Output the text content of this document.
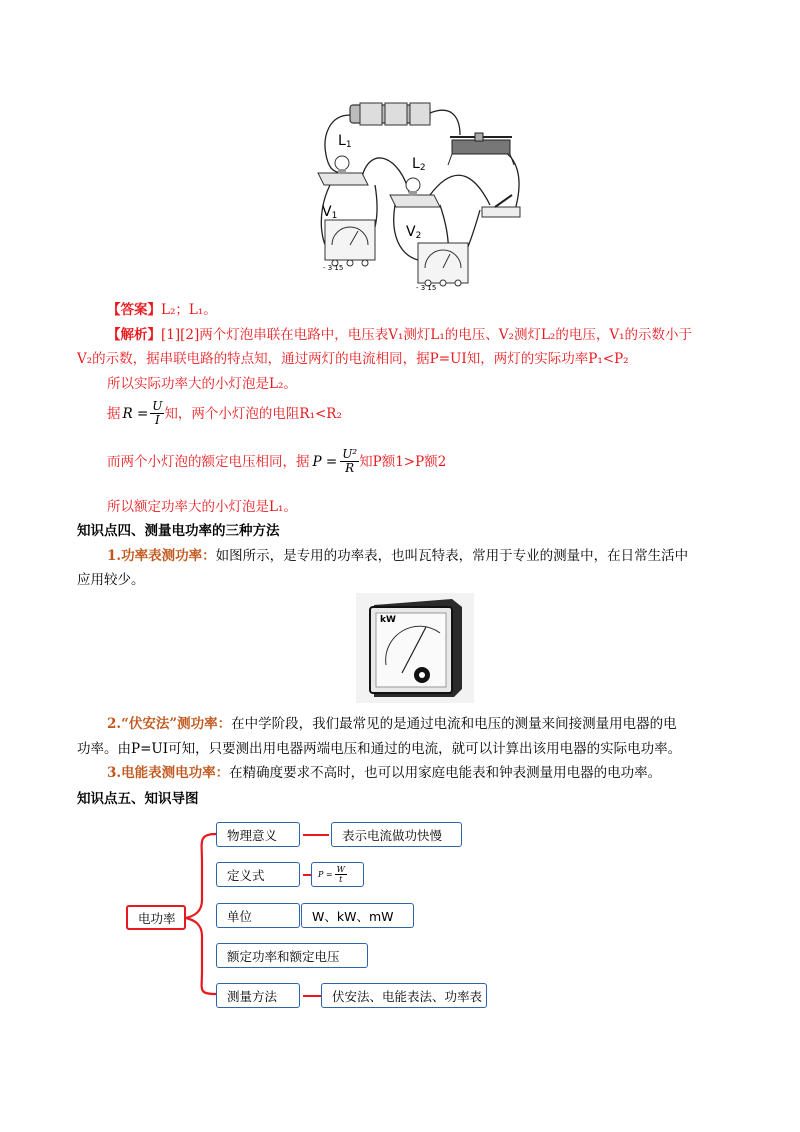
$L_1$
$L_2$
$V_1$
$V_2$
- 3 15
- 3 15
【答案】L₂；L₁。
【解析】[1][2]两个灯泡串联在电路中，电压表V₁测灯L₁的电压、V₂测灯L₂的电压，V₁的示数小于
V₂的示数，据串联电路的特点知，通过两灯的电流相同，据P=UI知，两灯的实际功率P₁<P₂
所以实际功率大的小灯泡是L₂。
据 $R = \frac{U}{I}$ 知，两个小灯泡的电阻R₁<R₂
而两个小灯泡的额定电压相同，据 $P = \frac{\text{U²}}{R}$ 知P额1>P额2
所以额定功率大的小灯泡是L₁。
知识点四、测量电功率的三种方法
1.功率表测功率：如图所示，是专用的功率表，也叫瓦特表，常用于专业的测量中，在日常生活中
应用较少。
kW
2.“伏安法”测功率：在中学阶段，我们最常见的是通过电流和电压的测量来间接测量用电器的电
功率。由P=UI可知，只要测出用电器两端电压和通过的电流，就可以计算出该用电器的实际电功率。
3.电能表测电功率：在精确度要求不高时，也可以用家庭电能表和钟表测量用电器的电功率。
知识点五、知识导图
电功率
物理意义	表示电流做功快慢
定义式	$P = \frac{W}{t}$
单位	W、kW、mW
额定功率和额定电压
测量方法	伏安法、电能表法、功率表
